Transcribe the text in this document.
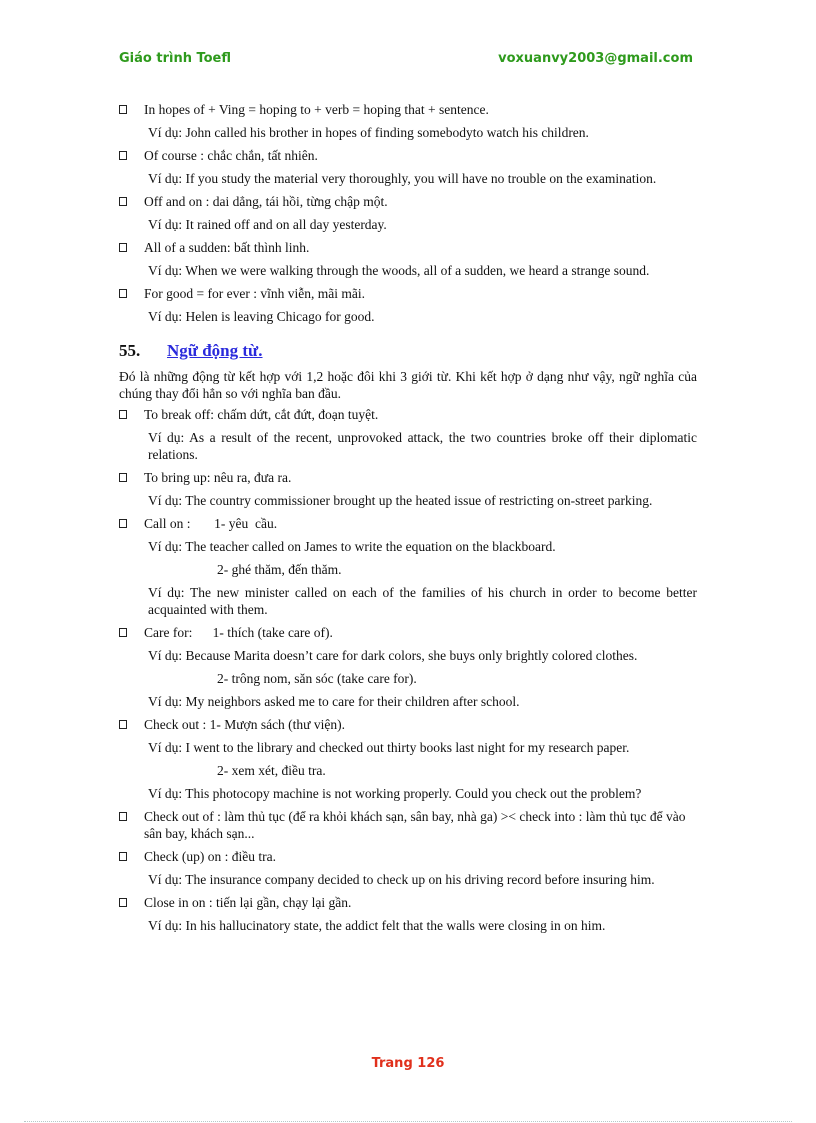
Giáo trình Toefl	voxuanvy2003@gmail.com
In hopes of + Ving = hoping to + verb = hoping that + sentence.
Ví dụ: John called his brother in hopes of finding somebodyto watch his children.
Of course : chắc chắn, tất nhiên.
Ví dụ: If you study the material very thoroughly, you will have no trouble on the examination.
Off and on : dai dẳng, tái hồi, từng chập một.
Ví dụ: It rained off and on all day yesterday.
All of a sudden: bất thình linh.
Ví dụ: When we were walking through the woods, all of a sudden, we heard a strange sound.
For good = for ever : vĩnh viễn, mãi mãi.
Ví dụ: Helen is leaving Chicago for good.
55.	Ngữ động từ.
Đó là những động từ kết hợp với 1,2 hoặc đôi khi 3 giới từ. Khi kết hợp ở dạng như vậy, ngữ nghĩa của chúng thay đổi hẳn so với nghĩa ban đầu.
To break off: chấm dứt, cắt đứt, đoạn tuyệt.
Ví dụ: As a result of the recent, unprovoked attack, the two countries broke off their diplomatic relations.
To bring up: nêu ra, đưa ra.
Ví dụ: The country commissioner brought up the heated issue of restricting on-street parking.
Call on :       1- yêu  cầu.
Ví dụ: The teacher called on James to write the equation on the blackboard.
2- ghé thăm, đến thăm.
Ví dụ: The new minister called on each of the families of his church in order to become better acquainted with them.
Care for:      1- thích (take care of).
Ví dụ: Because Marita doesn’t care for dark colors, she buys only brightly colored clothes.
2- trông nom, săn sóc (take care for).
Ví dụ: My neighbors asked me to care for their children after school.
Check out : 1- Mượn sách (thư viện).
Ví dụ: I went to the library and checked out thirty books last night for my research paper.
2- xem xét, điều tra.
Ví dụ: This photocopy machine is not working properly. Could you check out the problem?
Check out of : làm thủ tục (để ra khỏi khách sạn, sân bay, nhà ga) >< check into : làm thủ tục để vào sân bay, khách sạn...
Check (up) on : điều tra.
Ví dụ: The insurance company decided to check up on his driving record before insuring him.
Close in on : tiến lại gần, chạy lại gần.
Ví dụ: In his hallucinatory state, the addict felt that the walls were closing in on him.
Trang 126
